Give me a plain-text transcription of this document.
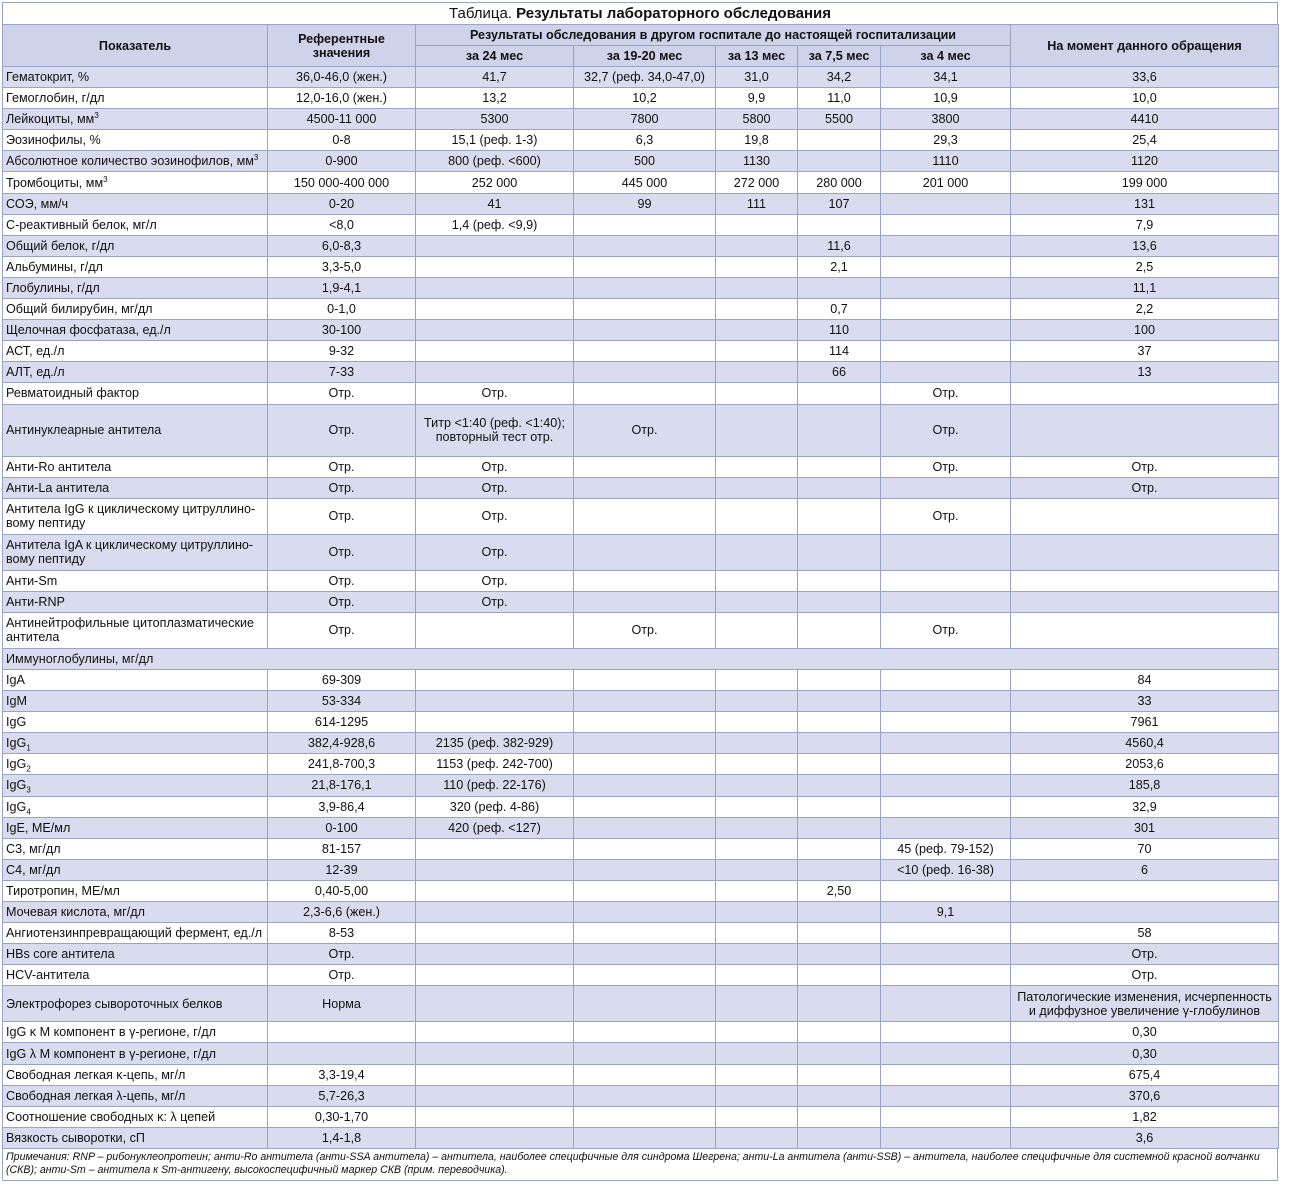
Таблица. Результаты лабораторного обследования
Показатель	Референтные значения	Результаты обследования в другом госпитале до настоящей госпитализации					На момент данного обращения
		за 24 мес	за 19-20 мес	за 13 мес	за 7,5 мес	за 4 мес	
Гематокрит, %	36,0-46,0 (жен.)	41,7	32,7 (реф. 34,0-47,0)	31,0	34,2	34,1	33,6
Гемоглобин, г/дл	12,0-16,0 (жен.)	13,2	10,2	9,9	11,0	10,9	10,0
Лейкоциты, $мм^3$	4500-11 000	5300	7800	5800	5500	3800	4410
Эозинофилы, %	0-8	15,1 (реф. 1-3)	6,3	19,8		29,3	25,4
Абсолютное количество эозинофилов, $мм^3$	0-900	800 (реф. <600)	500	1130		1110	1120
Тромбоциты, $мм^3$	150 000-400 000	252 000	445 000	272 000	280 000	201 000	199 000
СОЭ, мм/ч	0-20	41	99	111	107		131
С-реактивный белок, мг/л	<8,0	1,4 (реф. <9,9)					7,9
Общий белок, г/дл	6,0-8,3				11,6		13,6
Альбумины, г/дл	3,3-5,0				2,1		2,5
Глобулины, г/дл	1,9-4,1						11,1
Общий билирубин, мг/дл	0-1,0				0,7		2,2
Щелочная фосфатаза, ед./л	30-100				110		100
АСТ, ед./л	9-32				114		37
АЛТ, ед./л	7-33				66		13
Ревматоидный фактор	Отр.	Отр.				Отр.	
Антинуклеарные антитела	Отр.	Титр <1:40 (реф. <1:40); повторный тест отр.	Отр.			Отр.	
Анти-Ro антитела	Отр.	Отр.				Отр.	Отр.
Анти-La антитела	Отр.	Отр.					Отр.
Антитела IgG к циклическому цитруллино-вому пептиду	Отр.	Отр.				Отр.	
Антитела IgA к циклическому цитруллино-вому пептиду	Отр.	Отр.					
Анти-Sm	Отр.	Отр.					
Анти-RNP	Отр.	Отр.					
Антинейтрофильные цитоплазматические антитела	Отр.		Отр.			Отр.	
Иммуноглобулины, мг/дл							
IgA	69-309						84
IgM	53-334						33
IgG	614-1295						7961
IgG$_1$	382,4-928,6	2135 (реф. 382-929)					4560,4
IgG$_2$	241,8-700,3	1153 (реф. 242-700)					2053,6
IgG$_3$	21,8-176,1	110 (реф. 22-176)					185,8
IgG$_4$	3,9-86,4	320 (реф. 4-86)					32,9
IgE, МЕ/мл	0-100	420 (реф. <127)					301
C3, мг/дл	81-157					45 (реф. 79-152)	70
C4, мг/дл	12-39					<10 (реф. 16-38)	6
Тиротропин, МЕ/мл	0,40-5,00				2,50		
Мочевая кислота, мг/дл	2,3-6,6 (жен.)					9,1	
Ангиотензинпревращающий фермент, ед./л	8-53						58
HBs core антитела	Отр.						Отр.
HCV-антитела	Отр.						Отр.
Электрофорез сывороточных белков	Норма						Патологические изменения, исчерпенность и диффузное увеличение γ-глобулинов
IgG κ M компонент в γ-регионе, г/дл							0,30
IgG λ M компонент в γ-регионе, г/дл							0,30
Свободная легкая κ-цепь, мг/л	3,3-19,4						675,4
Свободная легкая λ-цепь, мг/л	5,7-26,3						370,6
Соотношение свободных κ: λ цепей	0,30-1,70						1,82
Вязкость сыворотки, сП	1,4-1,8						3,6
Примечания: RNP – рибонуклеопротеин; анти-Ro антитела (анти-SSA антитела) – антитела, наиболее специфичные для синдрома Шегрена; анти-La антитела (анти-SSB) – антитела, наиболее специфичные для системной красной волчанки (СКВ); анти-Sm – антитела к Sm-антигену, высокоспецифичный маркер СКВ (прим. переводчика).
